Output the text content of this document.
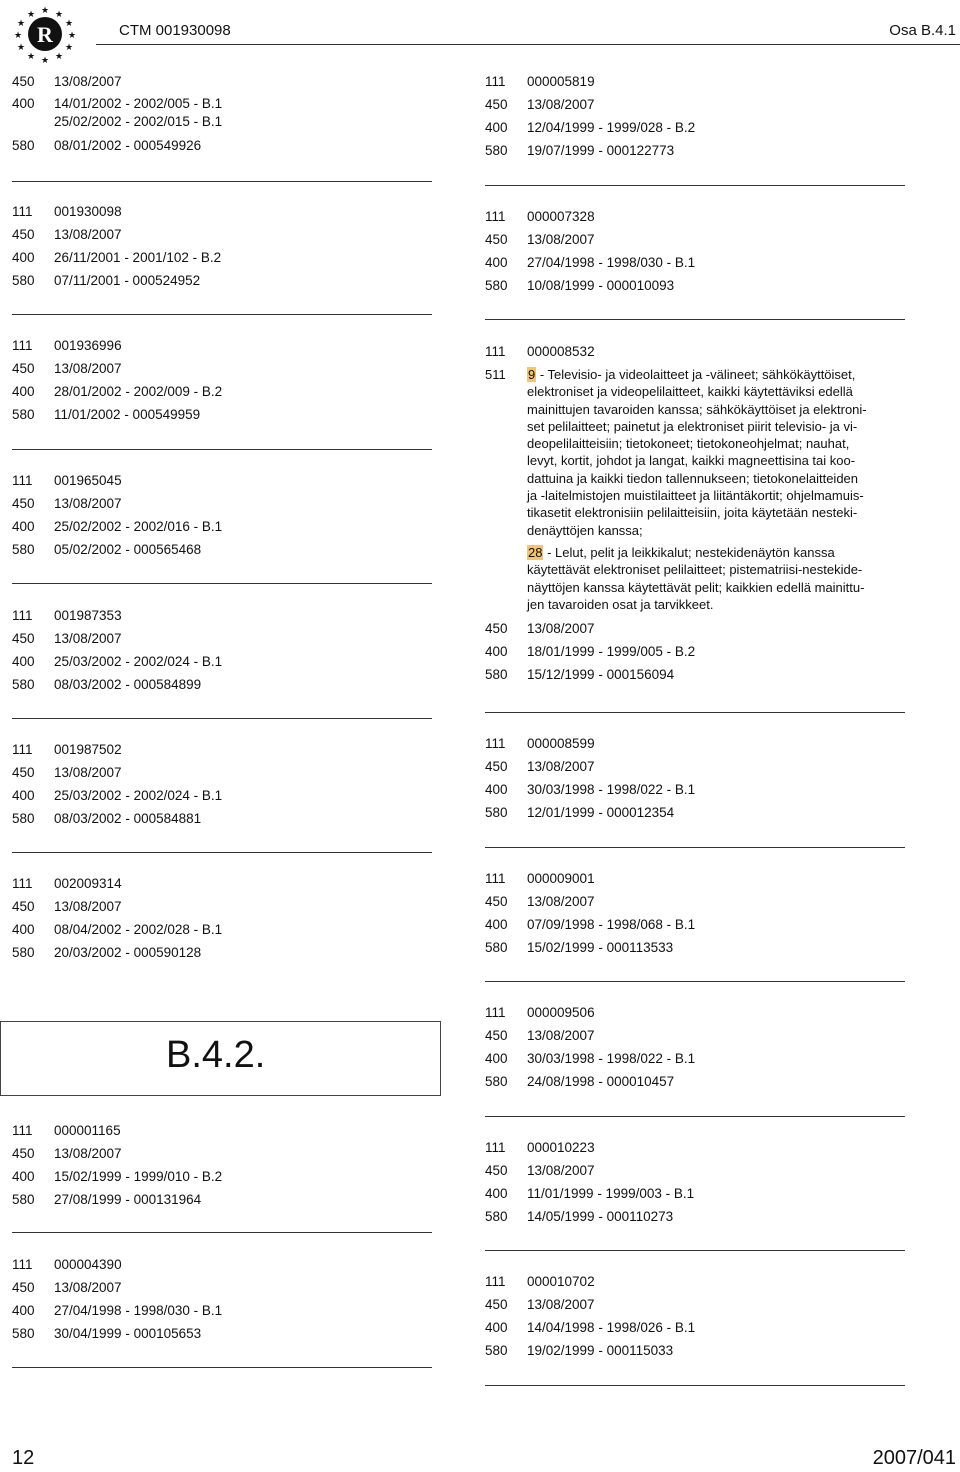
R
★ ★
★
★
★
★
★
★
★
★
★
★
CTM 001930098	Osa B.4.1
450	13/08/2007
400	14/01/2002 - 2002/005 - B.1
25/02/2002 - 2002/015 - B.1
580	08/01/2002 - 000549926
111	001930098
450	13/08/2007
400	26/11/2001 - 2001/102 - B.2
580	07/11/2001 - 000524952
111	001936996
450	13/08/2007
400	28/01/2002 - 2002/009 - B.2
580	11/01/2002 - 000549959
111	001965045
450	13/08/2007
400	25/02/2002 - 2002/016 - B.1
580	05/02/2002 - 000565468
111	001987353
450	13/08/2007
400	25/03/2002 - 2002/024 - B.1
580	08/03/2002 - 000584899
111	001987502
450	13/08/2007
400	25/03/2002 - 2002/024 - B.1
580	08/03/2002 - 000584881
111	002009314
450	13/08/2007
400	08/04/2002 - 2002/028 - B.1
580	20/03/2002 - 000590128
B.4.2.
111	000001165
450	13/08/2007
400	15/02/1999 - 1999/010 - B.2
580	27/08/1999 - 000131964
111	000004390
450	13/08/2007
400	27/04/1998 - 1998/030 - B.1
580	30/04/1999 - 000105653
111	000005819
450	13/08/2007
400	12/04/1999 - 1999/028 - B.2
580	19/07/1999 - 000122773
111	000007328
450	13/08/2007
400	27/04/1998 - 1998/030 - B.1
580	10/08/1999 - 000010093
111	000008532
511	9 - Televisio- ja videolaitteet ja -välineet; sähkökäyttöiset,
elektroniset ja videopelilaitteet, kaikki käytettäviksi edellä
mainittujen tavaroiden kanssa; sähkökäyttöiset ja elektroni-
set pelilaitteet; painetut ja elektroniset piirit televisio- ja vi-
deopelilaitteisiin; tietokoneet; tietokoneohjelmat; nauhat,
levyt, kortit, johdot ja langat, kaikki magneettisina tai koo-
dattuina ja kaikki tiedon tallennukseen; tietokonelaitteiden
ja -laitelmistojen muistilaitteet ja liitäntäkortit; ohjelmamuis-
tikasetit elektronisiin pelilaitteisiin, joita käytetään nesteki-
denäyttöjen kanssa;
28 - Lelut, pelit ja leikkikalut; nestekidenäytön kanssa
käytettävät elektroniset pelilaitteet; pistematriisi-nestekide-
näyttöjen kanssa käytettävät pelit; kaikkien edellä mainittu-
jen tavaroiden osat ja tarvikkeet.
450	13/08/2007
400	18/01/1999 - 1999/005 - B.2
580	15/12/1999 - 000156094
111	000008599
450	13/08/2007
400	30/03/1998 - 1998/022 - B.1
580	12/01/1999 - 000012354
111	000009001
450	13/08/2007
400	07/09/1998 - 1998/068 - B.1
580	15/02/1999 - 000113533
111	000009506
450	13/08/2007
400	30/03/1998 - 1998/022 - B.1
580	24/08/1998 - 000010457
111	000010223
450	13/08/2007
400	11/01/1999 - 1999/003 - B.1
580	14/05/1999 - 000110273
111	000010702
450	13/08/2007
400	14/04/1998 - 1998/026 - B.1
580	19/02/1999 - 000115033
12	2007/041
